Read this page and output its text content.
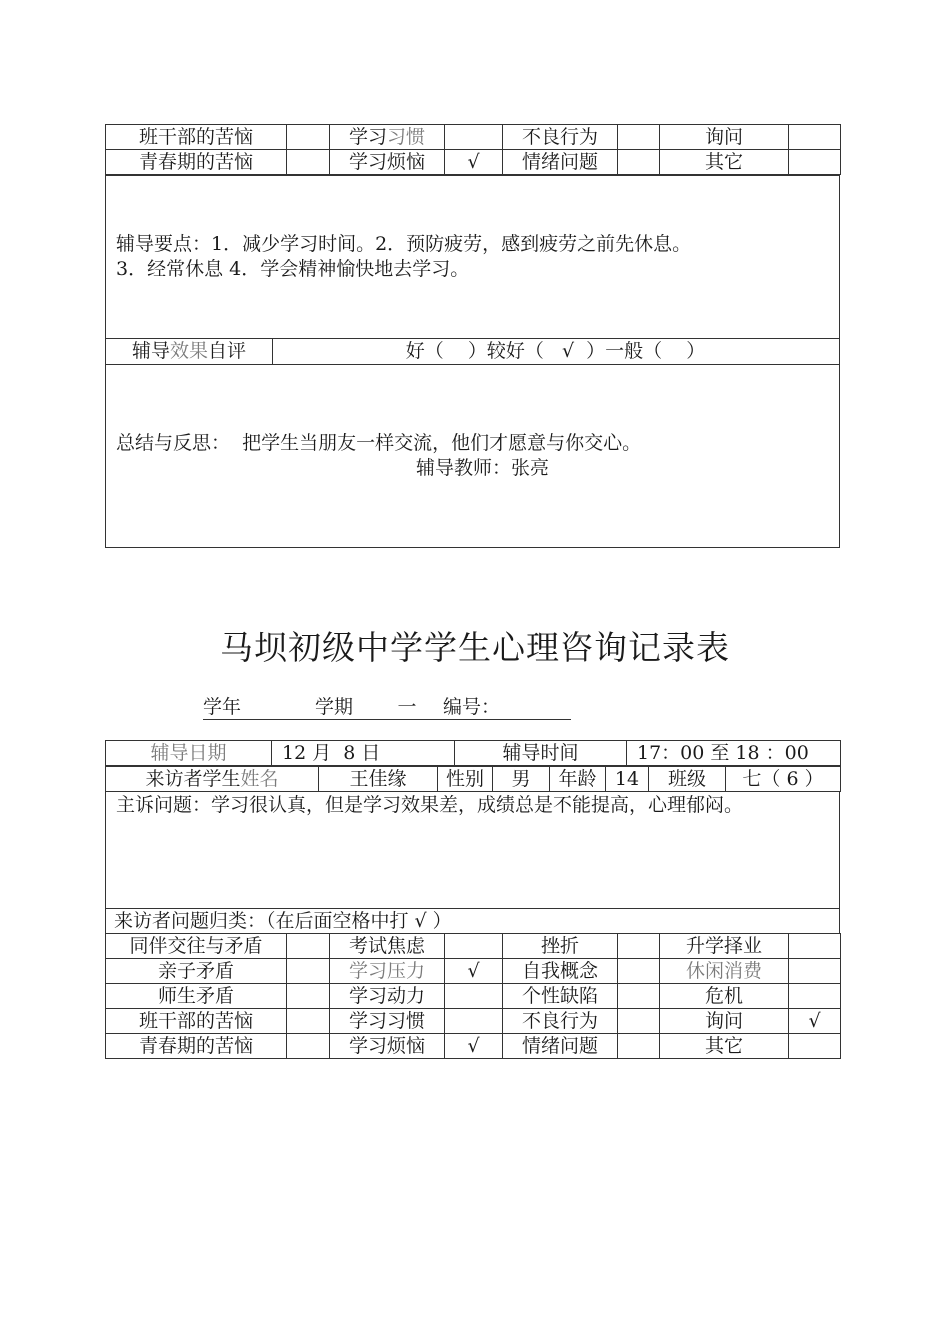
班干部的苦恼		学习习惯		不良行为		询问	
青春期的苦恼		学习烦恼	√	情绪问题		其它	
辅导要点：1．减少学习时间。2．预防疲劳，感到疲劳之前先休息。
3．经常休息 4．学会精神愉快地去学习。
辅导效果自评	好（    ）较好（   √  ）一般（    ）
总结与反思：  把学生当朋友一样交流，他们才愿意与你交心。
辅导教师：张亮
马坝初级中学学生心理咨询记录表
学年	学期 一 编号：
辅导日期	12 月  8 日	辅导时间	17：00 至 18 ：00
来访者学生姓名	王佳缘	性别	男	年龄	14	班级	七（ 6 ）
主诉问题：学习很认真，但是学习效果差，成绩总是不能提高，心理郁闷。
来访者问题归类：（在后面空格中打 √ ）
同伴交往与矛盾		考试焦虑		挫折		升学择业	
亲子矛盾		学习压力	√	自我概念		休闲消费	
师生矛盾		学习动力		个性缺陷		危机	
班干部的苦恼		学习习惯		不良行为		询问	√
青春期的苦恼		学习烦恼	√	情绪问题		其它	
